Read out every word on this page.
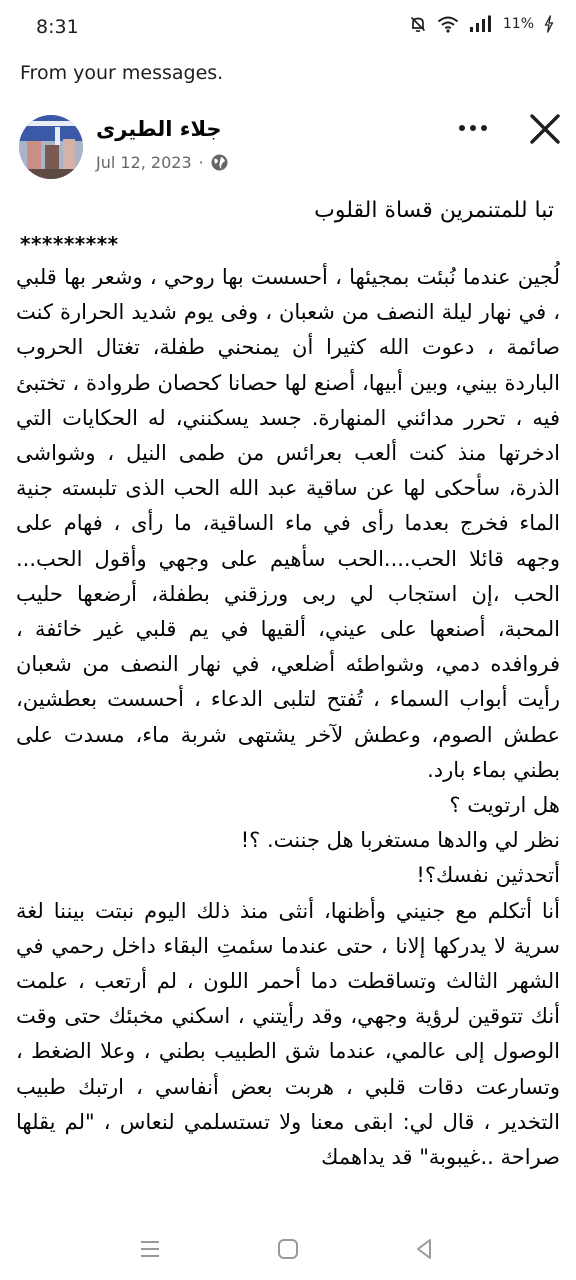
8:31	11%
From your messages.
جلاء الطيرى
Jul 12, 2023 ·
تبا للمتنمرين قساة القلوب
*********

لُجين عندما نُبئت بمجيئها ، أحسست بها روحي ، وشعر بها قلبي ، في نهار ليلة النصف من شعبان ، وفى يوم شديد الحرارة كنت صائمة ، دعوت الله كثيرا أن يمنحني طفلة، تغتال الحروب الباردة بيني، وبين أبيها، أصنع لها حصانا كحصان طروادة ، تختبئ فيه ، تحرر مدائني المنهارة. جسد يسكنني، له الحكايات التي ادخرتها منذ كنت ألعب بعرائس من طمى النيل ، وشواشى الذرة، سأحكى لها عن ساقية عبد الله الحب الذى تلبسته جنية الماء فخرج بعدما رأى في ماء الساقية، ما رأى ، فهام على وجهه قائلا الحب....الحب سأهيم على وجهي وأقول الحب... الحب ،إن استجاب لي ربى ورزقني بطفلة، أرضعها حليب المحبة، أصنعها على عيني، ألقيها في يم قلبي غير خائفة ، فروافده دمي، وشواطئه أضلعي، في نهار النصف من شعبان رأيت أبواب السماء ، تُفتح لتلبى الدعاء ، أحسست بعطشين، عطش الصوم، وعطش لآخر يشتهى شربة ماء، مسدت على بطني بماء بارد.

هل ارتويت ؟

نظر لي والدها مستغربا هل جننت. ؟!

أتحدثين نفسك؟!

أنا أتكلم مع جنيني وأظنها، أنثى منذ ذلك اليوم نبتت بيننا لغة سرية لا يدركها إلانا ، حتى عندما سئمتِ البقاء داخل رحمي في الشهر الثالث وتساقطت دما أحمر اللون ، لم أرتعب ، علمت أنك تتوقين لرؤية وجهي، وقد رأيتني ، اسكني مخبئك حتى وقت الوصول إلى عالمي، عندما شق الطبيب بطني ، وعلا الضغط ، وتسارعت دقات قلبي ، هربت بعض أنفاسي ، ارتبك طبيب التخدير ، قال لي: ابقى معنا ولا تستسلمي لنعاس ، "لم يقلها صراحة ..غيبوبة" قد يداهمك
